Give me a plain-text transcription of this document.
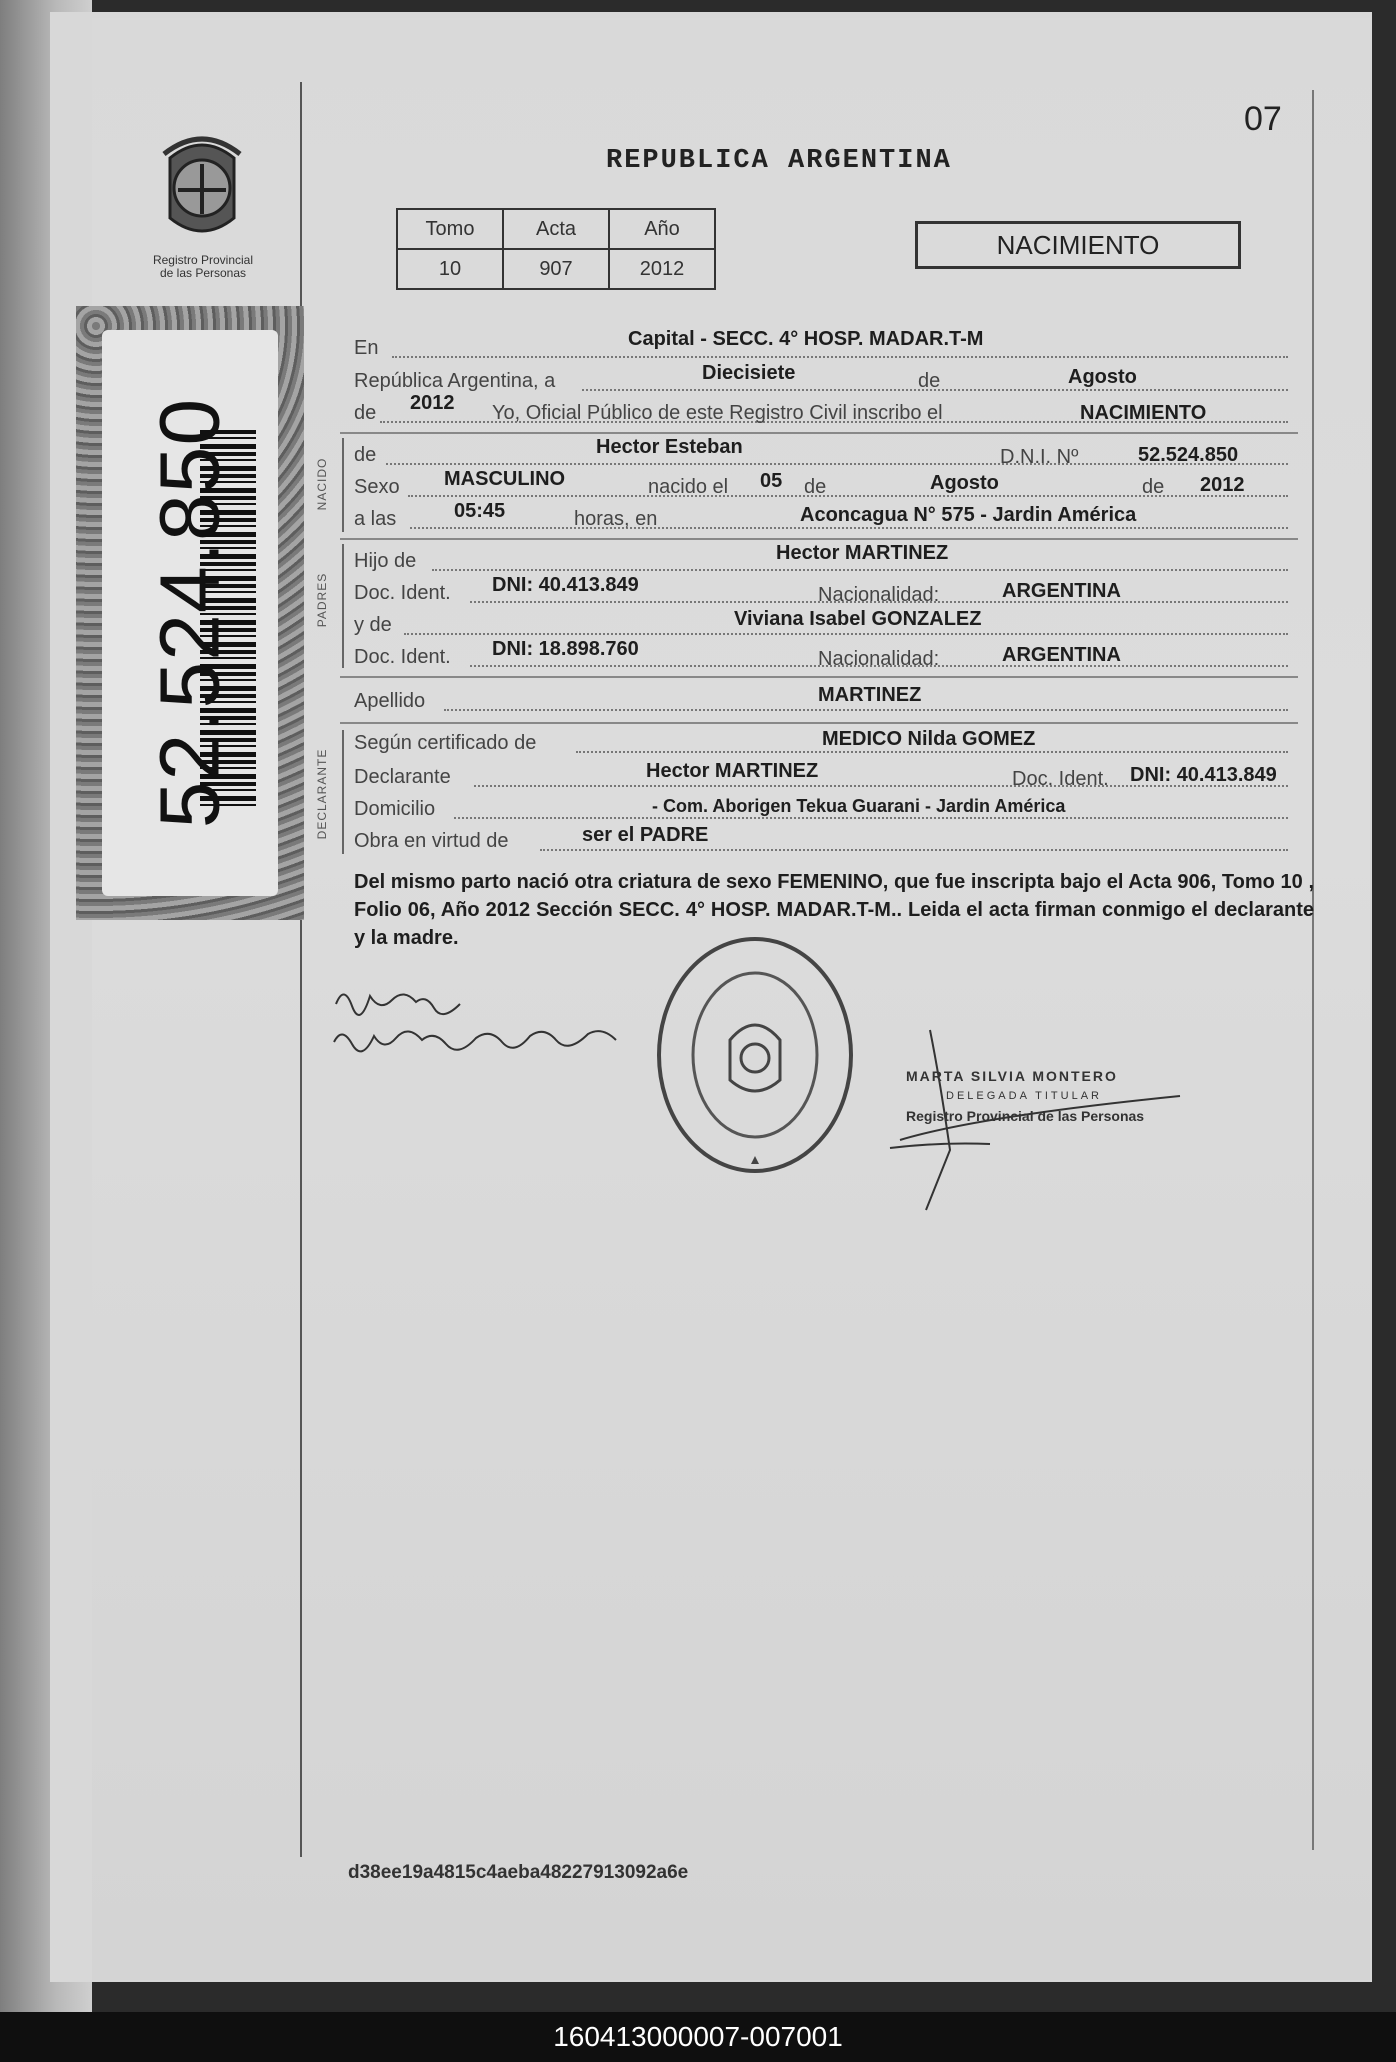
Registro Provincial
de las Personas
52.524.850
07
REPUBLICA ARGENTINA
Tomo	Acta	Año
10	907	2012
NACIMIENTO
En	Capital - SECC. 4° HOSP. MADAR.T-M
República Argentina, a	Diecisiete	de	Agosto
de 2012 Yo, Oficial Público de este Registro Civil inscribo el	NACIMIENTO
NACIDO
de	Hector Esteban	D.N.I. Nº	52.524.850
Sexo MASCULINO	nacido el 05 de	Agosto	de 2012
a las	05:45	horas, en	Aconcagua N° 575 - Jardin América
PADRES
Hijo de	Hector MARTINEZ
Doc. Ident. DNI: 40.413.849	Nacionalidad:	ARGENTINA
y de	Viviana Isabel GONZALEZ
Doc. Ident. DNI: 18.898.760	Nacionalidad:	ARGENTINA
Apellido	MARTINEZ
DECLARANTE
Según certificado de	MEDICO Nilda GOMEZ
Declarante	Hector MARTINEZ	Doc. Ident. DNI: 40.413.849
Domicilio	- Com. Aborigen Tekua Guarani - Jardin América
Obra en virtud de	ser el PADRE
Del mismo parto nació otra criatura de sexo FEMENINO, que fue inscripta bajo el Acta 906, Tomo 10 , Folio 06, Año 2012 Sección SECC. 4° HOSP. MADAR.T-M.. Leida el acta firman conmigo el declarante y la madre.
MARTA SILVIA MONTERO
DELEGADA TITULAR
Registro Provincial de las Personas
d38ee19a4815c4aeba48227913092a6e
160413000007-007001
